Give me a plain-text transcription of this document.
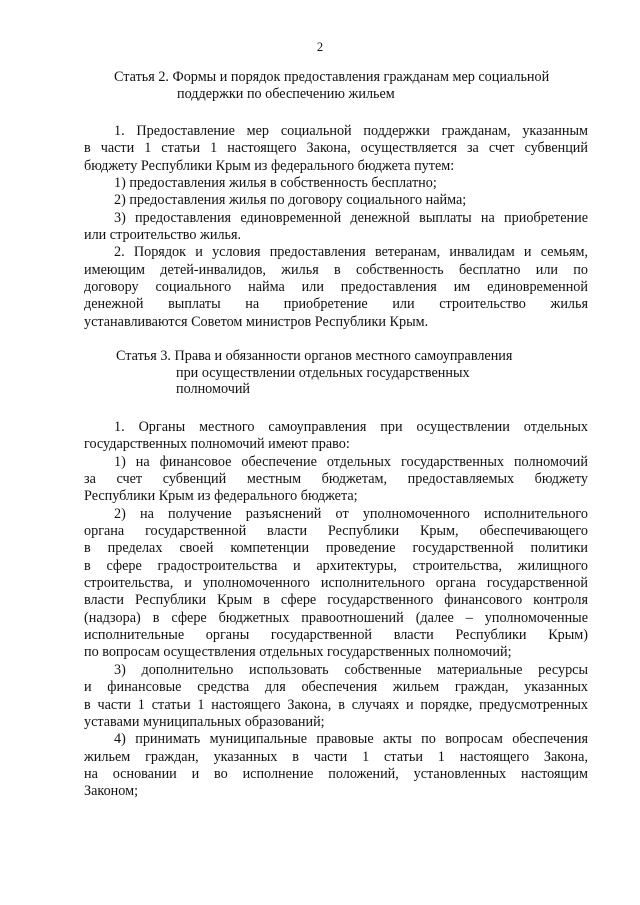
2
Статья 2. Формы и порядок предоставления гражданам мер социальной
поддержки по обеспечению жильем
1. Предоставление мер социальной поддержки гражданам, указанным
в части 1 статьи 1 настоящего Закона, осуществляется за счет субвенций
бюджету Республики Крым из федерального бюджета путем:
1) предоставления жилья в собственность бесплатно;
2) предоставления жилья по договору социального найма;
3) предоставления единовременной денежной выплаты на приобретение
или строительство жилья.
2. Порядок и условия предоставления ветеранам, инвалидам и семьям,
имеющим детей-инвалидов, жилья в собственность бесплатно или по
договору социального найма или предоставления им единовременной
денежной выплаты на приобретение или строительство жилья
устанавливаются Советом министров Республики Крым.
Статья 3. Права и обязанности органов местного самоуправления
при осуществлении отдельных государственных
полномочий
1. Органы местного самоуправления при осуществлении отдельных
государственных полномочий имеют право:
1) на финансовое обеспечение отдельных государственных полномочий
за счет субвенций местным бюджетам, предоставляемых бюджету
Республики Крым из федерального бюджета;
2) на получение разъяснений от уполномоченного исполнительного
органа государственной власти Республики Крым, обеспечивающего
в пределах своей компетенции проведение государственной политики
в сфере градостроительства и архитектуры, строительства, жилищного
строительства, и уполномоченного исполнительного органа государственной
власти Республики Крым в сфере государственного финансового контроля
(надзора) в сфере бюджетных правоотношений (далее – уполномоченные
исполнительные органы государственной власти Республики Крым)
по вопросам осуществления отдельных государственных полномочий;
3) дополнительно использовать собственные материальные ресурсы
и финансовые средства для обеспечения жильем граждан, указанных
в части 1 статьи 1 настоящего Закона, в случаях и порядке, предусмотренных
уставами муниципальных образований;
4) принимать муниципальные правовые акты по вопросам обеспечения
жильем граждан, указанных в части 1 статьи 1 настоящего Закона,
на основании и во исполнение положений, установленных настоящим
Законом;
